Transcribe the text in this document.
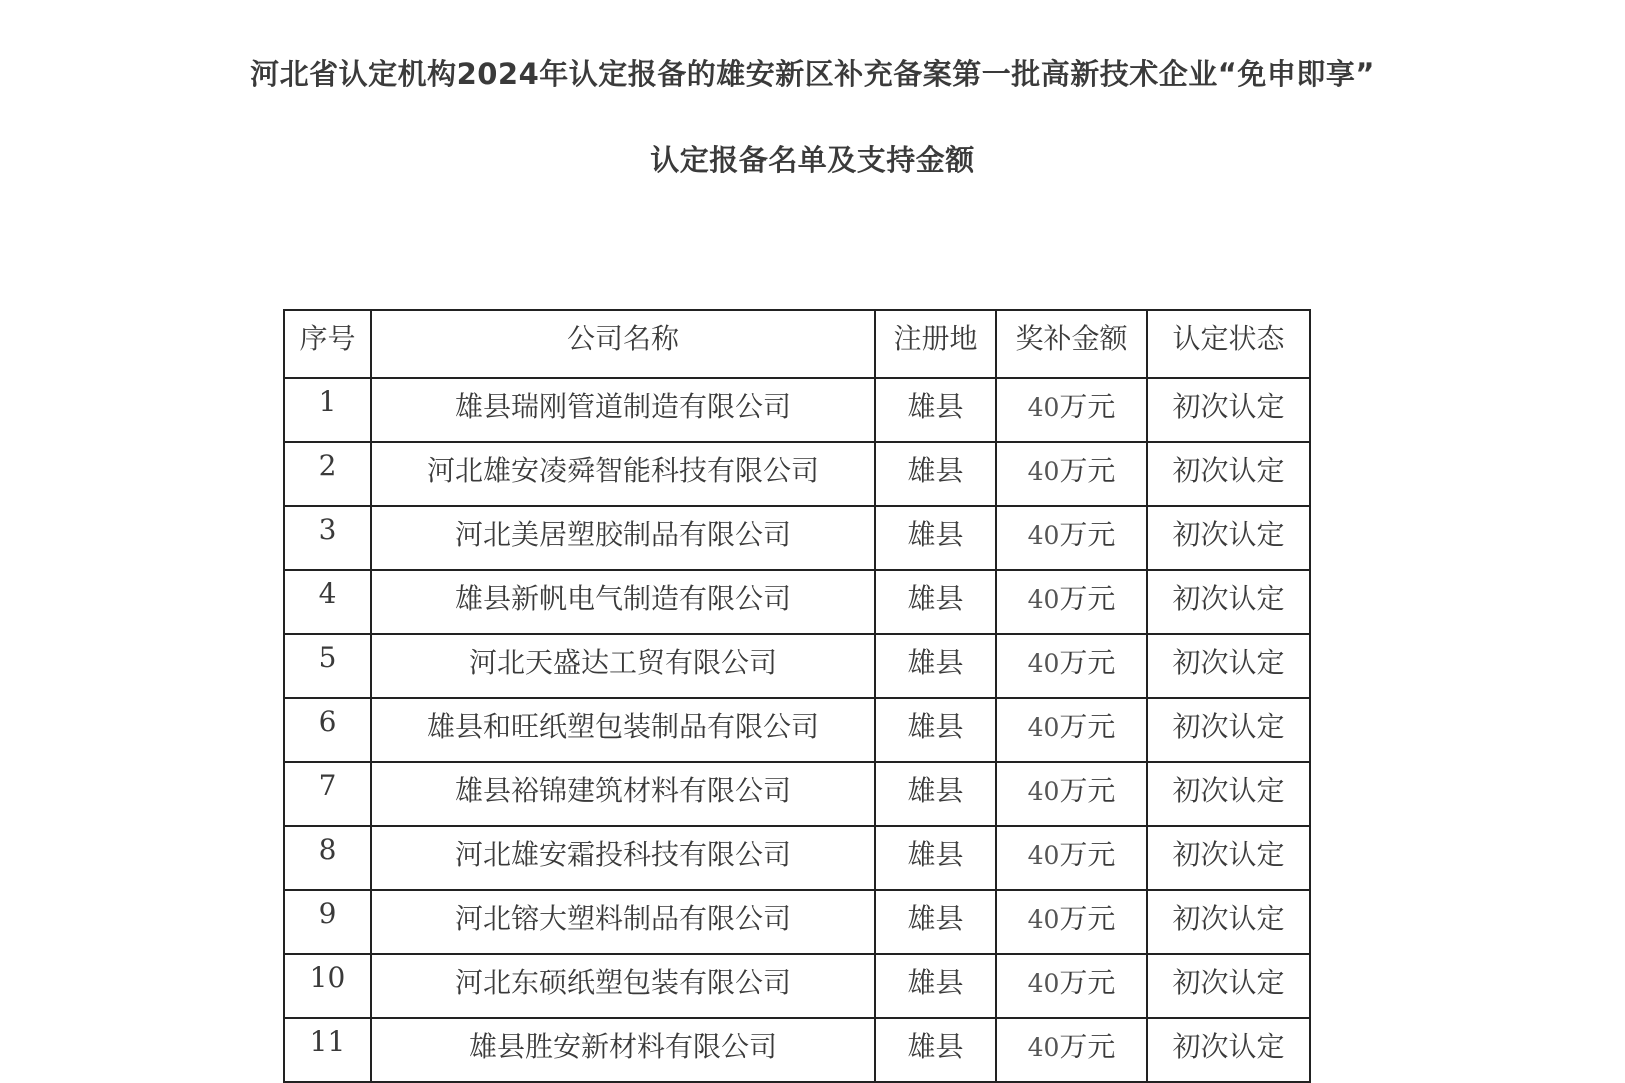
河北省认定机构2024年认定报备的雄安新区补充备案第一批高新技术企业“免申即享”
认定报备名单及支持金额
序号	公司名称	注册地	奖补金额	认定状态
1	雄县瑞刚管道制造有限公司	雄县	40万元	初次认定
2	河北雄安凌舜智能科技有限公司	雄县	40万元	初次认定
3	河北美居塑胶制品有限公司	雄县	40万元	初次认定
4	雄县新帆电气制造有限公司	雄县	40万元	初次认定
5	河北天盛达工贸有限公司	雄县	40万元	初次认定
6	雄县和旺纸塑包装制品有限公司	雄县	40万元	初次认定
7	雄县裕锦建筑材料有限公司	雄县	40万元	初次认定
8	河北雄安霜投科技有限公司	雄县	40万元	初次认定
9	河北镕大塑料制品有限公司	雄县	40万元	初次认定
10	河北东硕纸塑包装有限公司	雄县	40万元	初次认定
11	雄县胜安新材料有限公司	雄县	40万元	初次认定
